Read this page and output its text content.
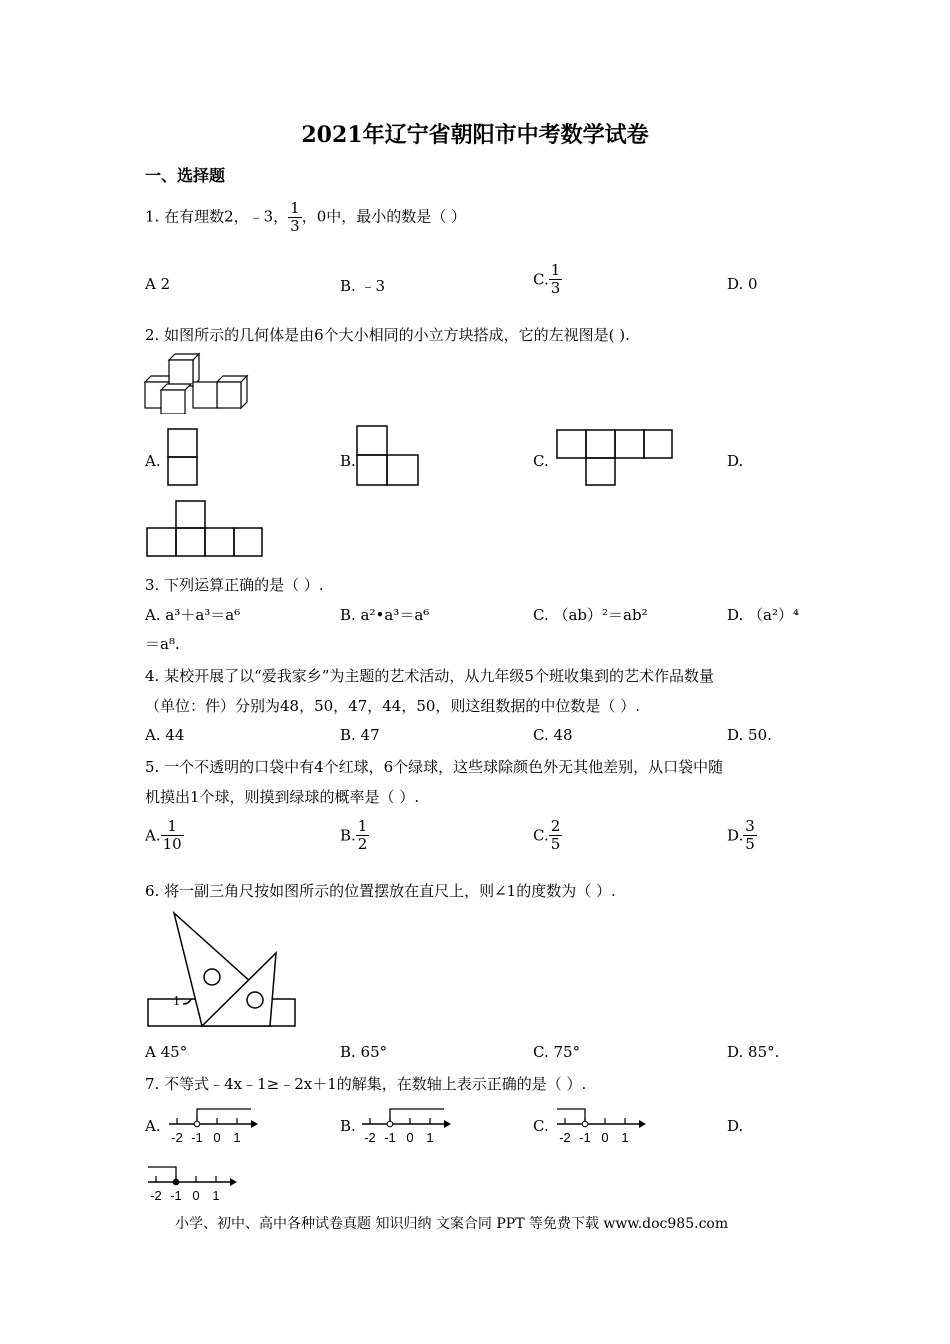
2021年辽宁省朝阳市中考数学试卷
一、选择题
1. 在有理数2，﹣3， $\frac{1}{3}$ ，0中，最小的数是（ ）
A 2	B. ﹣3	C. $\frac{1}{3}$	D. 0
2. 如图所示的几何体是由6个大小相同的小立方块搭成，它的左视图是( ).
A.	B.	C.	D.
3. 下列运算正确的是（ ）.
A. a³＋a³＝a⁶	B. a²•a³＝a⁶	C. （ab）²＝ab²	D. （a²）⁴
＝a⁸.
4. 某校开展了以“爱我家乡”为主题的艺术活动，从九年级5个班收集到的艺术作品数量
（单位：件）分别为48，50，47，44，50，则这组数据的中位数是（ ）.
A. 44	B. 47	C. 48	D. 50.
5. 一个不透明的口袋中有4个红球，6个绿球，这些球除颜色外无其他差别，从口袋中随
机摸出1个球，则摸到绿球的概率是（ ）.
A. $\frac{1}{10}$	B. $\frac{1}{2}$	C. $\frac{2}{5}$	D. $\frac{3}{5}$
6. 将一副三角尺按如图所示的位置摆放在直尺上，则∠1的度数为（ ）.
1
A 45°	B. 65°	C. 75°	D. 85°.
7. 不等式﹣4x﹣1≥﹣2x＋1的解集，在数轴上表示正确的是（ ）.
A.	B.	C.	D.
-2 -1 0 1	-2 -1 0 1	-2 -1 0 1
-2 -1 0 1
小学、初中、高中各种试卷真题 知识归纳 文案合同 PPT 等免费下载 www.doc985.com
